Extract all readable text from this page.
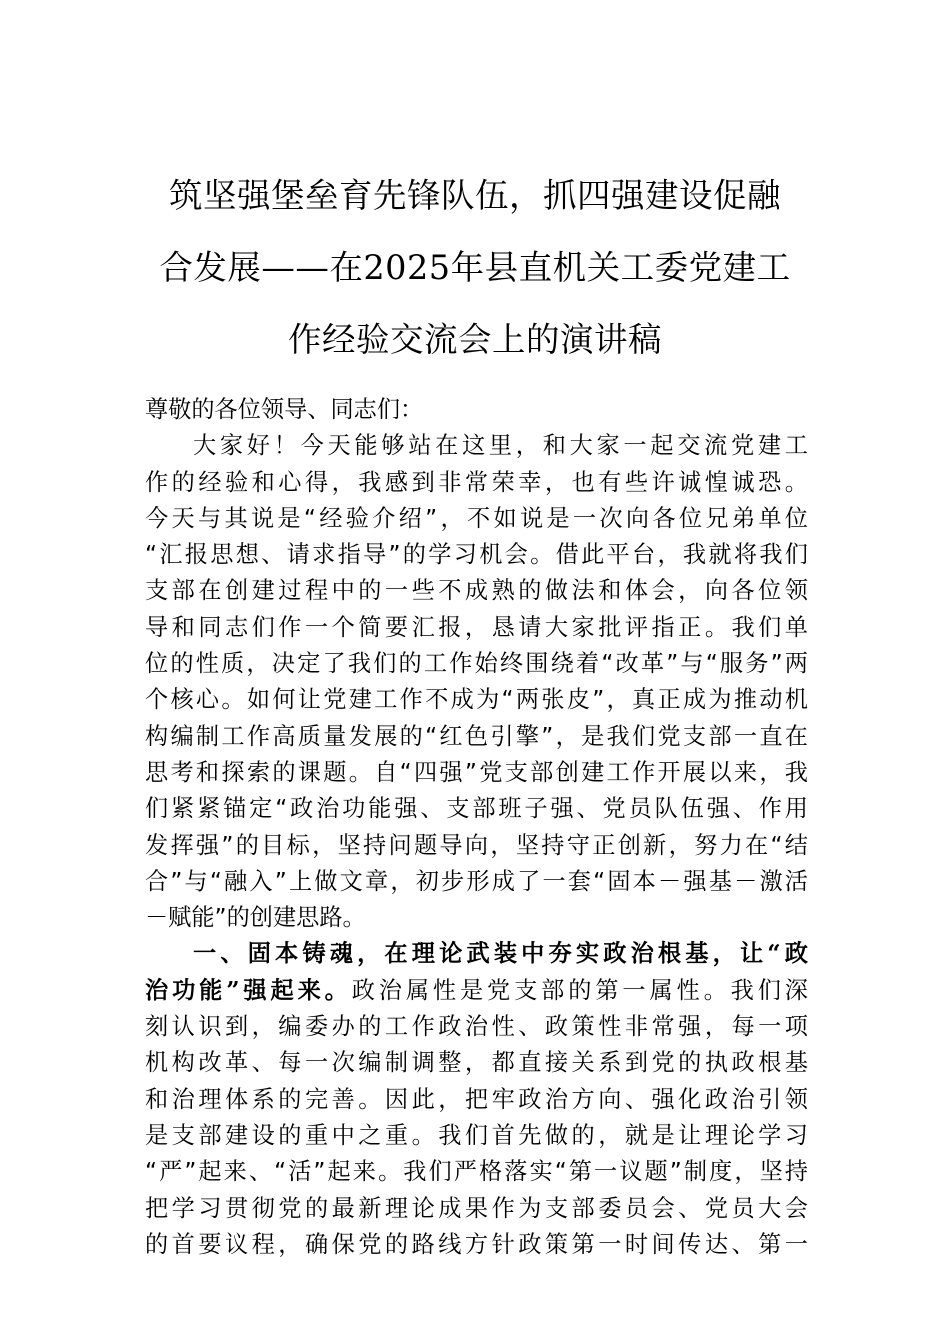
筑坚强堡垒育先锋队伍，抓四强建设促融
合发展——在2025年县直机关工委党建工
作经验交流会上的演讲稿

尊敬的各位领导、同志们：

大家好！今天能够站在这里，和大家一起交流党建工
作的经验和心得，我感到非常荣幸，也有些许诚惶诚恐。
今天与其说是“经验介绍”，不如说是一次向各位兄弟单位
“汇报思想、请求指导”的学习机会。借此平台，我就将我们
支部在创建过程中的一些不成熟的做法和体会，向各位领
导和同志们作一个简要汇报，恳请大家批评指正。我们单
位的性质，决定了我们的工作始终围绕着“改革”与“服务”两
个核心。如何让党建工作不成为“两张皮”，真正成为推动机
构编制工作高质量发展的“红色引擎”，是我们党支部一直在
思考和探索的课题。自“四强”党支部创建工作开展以来，我
们紧紧锚定“政治功能强、支部班子强、党员队伍强、作用
发挥强”的目标，坚持问题导向，坚持守正创新，努力在“结
合”与“融入”上做文章，初步形成了一套“固本－强基－激活
－赋能”的创建思路。

一、固本铸魂，在理论武装中夯实政治根基，让“政
治功能”强起来。政治属性是党支部的第一属性。我们深
刻认识到，编委办的工作政治性、政策性非常强，每一项
机构改革、每一次编制调整，都直接关系到党的执政根基
和治理体系的完善。因此，把牢政治方向、强化政治引领
是支部建设的重中之重。我们首先做的，就是让理论学习
“严”起来、“活”起来。我们严格落实“第一议题”制度，坚持
把学习贯彻党的最新理论成果作为支部委员会、党员大会
的首要议程，确保党的路线方针政策第一时间传达、第一
